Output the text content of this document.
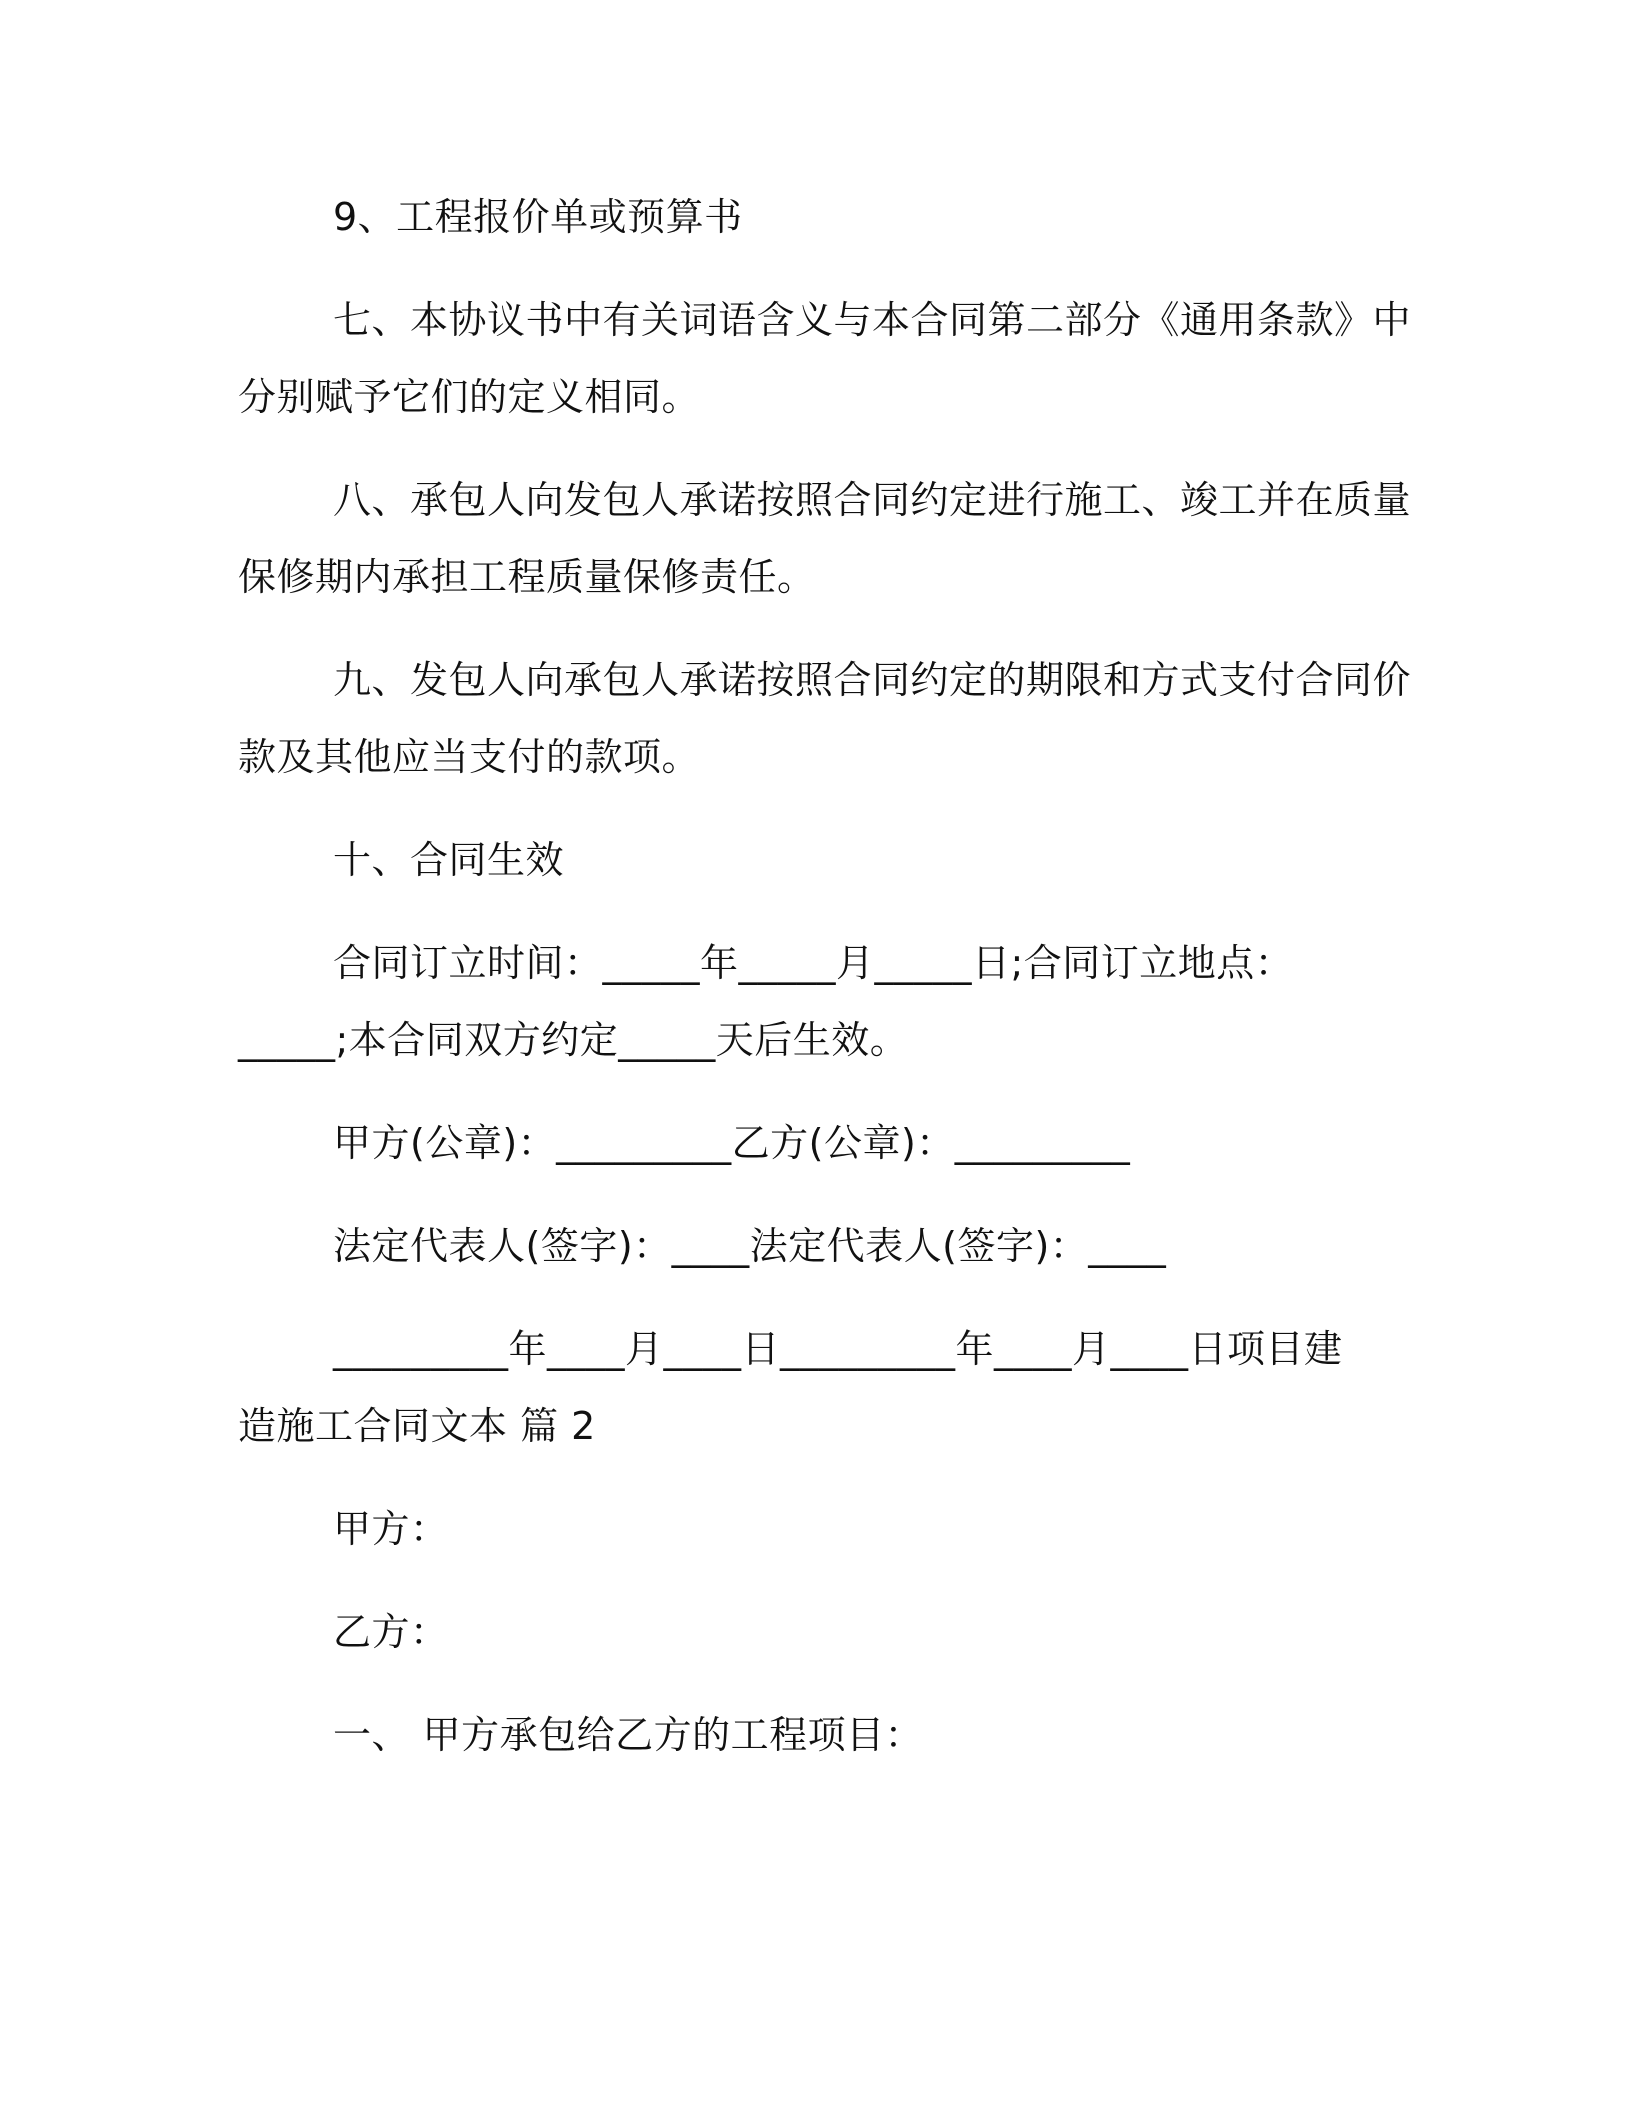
9、工程报价单或预算书
七、本协议书中有关词语含义与本合同第二部分《通用条款》中
分别赋予它们的定义相同。
八、承包人向发包人承诺按照合同约定进行施工、竣工并在质量
保修期内承担工程质量保修责任。
九、发包人向承包人承诺按照合同约定的期限和方式支付合同价
款及其他应当支付的款项。
十、合同生效
合同订立时间：_____年_____月_____日;合同订立地点：
_____;本合同双方约定_____天后生效。
甲方(公章)：_________乙方(公章)：_________
法定代表人(签字)：____法定代表人(签字)：____
_________年____月____日_________年____月____日项目建
造施工合同文本 篇 2
甲方：
乙方：
一、 甲方承包给乙方的工程项目：
